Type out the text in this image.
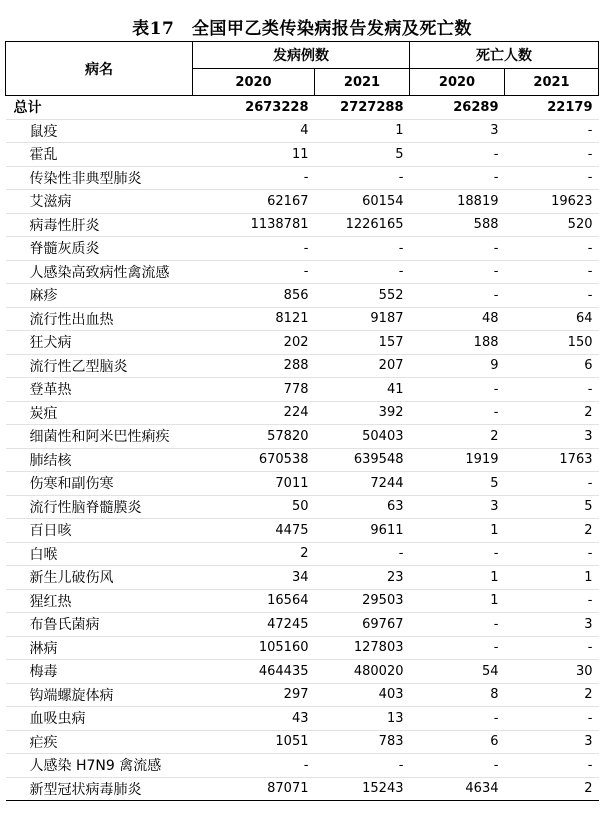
表17　全国甲乙类传染病报告发病及死亡数
病名	发病例数		死亡人数	
	2020	2021	2020	2021
总计	2673228	2727288	26289	22179
鼠疫	4	1	3	-
霍乱	11	5	-	-
传染性非典型肺炎	-	-	-	-
艾滋病	62167	60154	18819	19623
病毒性肝炎	1138781	1226165	588	520
脊髓灰质炎	-	-	-	-
人感染高致病性禽流感	-	-	-	-
麻疹	856	552	-	-
流行性出血热	8121	9187	48	64
狂犬病	202	157	188	150
流行性乙型脑炎	288	207	9	6
登革热	778	41	-	-
炭疽	224	392	-	2
细菌性和阿米巴性痢疾	57820	50403	2	3
肺结核	670538	639548	1919	1763
伤寒和副伤寒	7011	7244	5	-
流行性脑脊髓膜炎	50	63	3	5
百日咳	4475	9611	1	2
白喉	2	-	-	-
新生儿破伤风	34	23	1	1
猩红热	16564	29503	1	-
布鲁氏菌病	47245	69767	-	3
淋病	105160	127803	-	-
梅毒	464435	480020	54	30
钩端螺旋体病	297	403	8	2
血吸虫病	43	13	-	-
疟疾	1051	783	6	3
人感染 H7N9 禽流感	-	-	-	-
新型冠状病毒肺炎	87071	15243	4634	2
